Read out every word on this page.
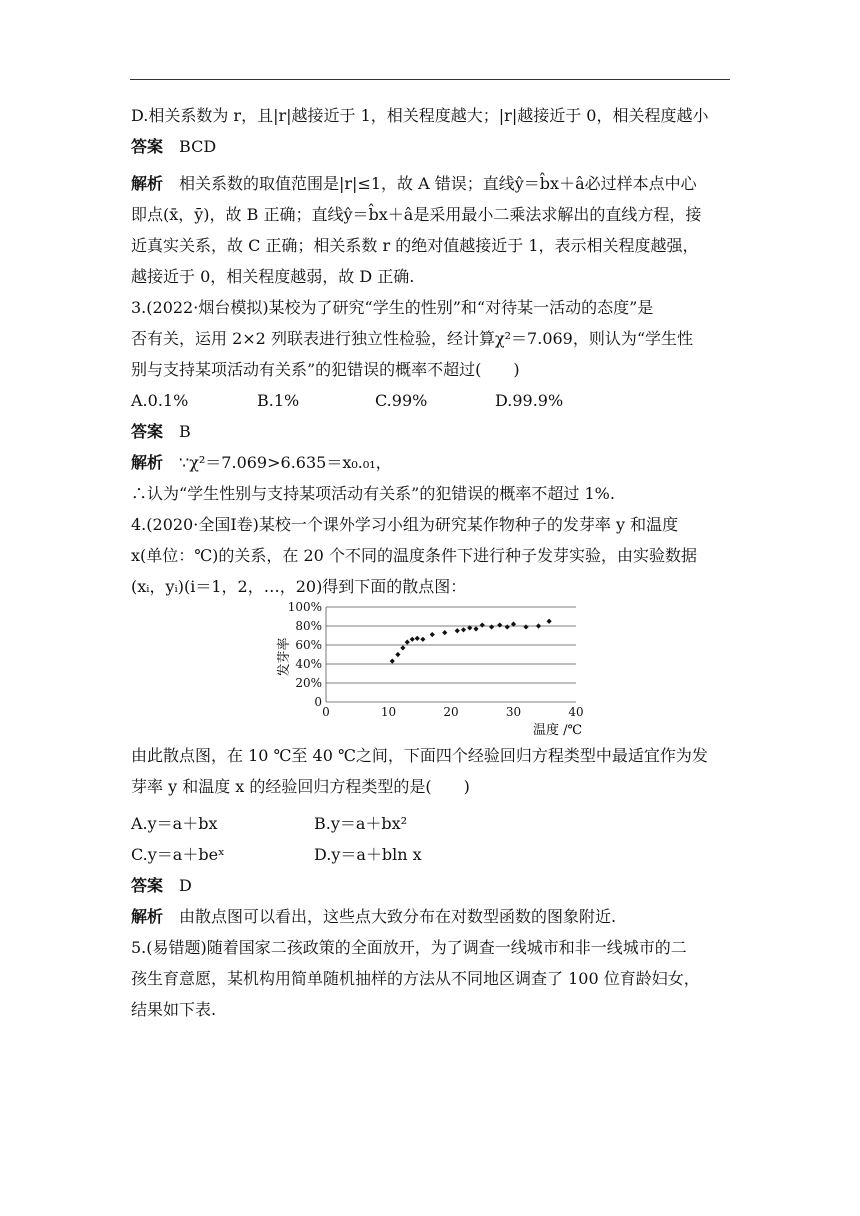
D.相关系数为 r，且|r|越接近于 1，相关程度越大；|r|越接近于 0，相关程度越小

答案 BCD

解析 相关系数的取值范围是|r|≤1，故 A 错误；直线ŷ＝b̂x＋â必过样本点中心

即点(x̄，ȳ)，故 B 正确；直线ŷ＝b̂x＋â是采用最小二乘法求解出的直线方程，接

近真实关系，故 C 正确；相关系数 r 的绝对值越接近于 1，表示相关程度越强，

越接近于 0，相关程度越弱，故 D 正确.

3.(2022·烟台模拟)某校为了研究“学生的性别”和“对待某一活动的态度”是

否有关，运用 2×2 列联表进行独立性检验，经计算χ²＝7.069，则认为“学生性

别与支持某项活动有关系”的犯错误的概率不超过(　　)

A.0.1%	B.1%	C.99%	D.99.9%

答案 B

解析 ∵χ²＝7.069>6.635＝x₀.₀₁，

∴认为“学生性别与支持某项活动有关系”的犯错误的概率不超过 1%.

4.(2020·全国Ⅰ卷)某校一个课外学习小组为研究某作物种子的发芽率 y 和温度

x(单位：℃)的关系，在 20 个不同的温度条件下进行种子发芽实验，由实验数据

(xᵢ，yᵢ)(i＝1，2，…，20)得到下面的散点图：

0
20%
40%
60%
80%
100%
0	10	20	30	40
发芽率
温度 /℃

由此散点图，在 10 ℃至 40 ℃之间，下面四个经验回归方程类型中最适宜作为发

芽率 y 和温度 x 的经验回归方程类型的是(　　)

A.y＝a＋bx	B.y＝a＋bx²
C.y＝a＋beˣ	D.y＝a＋bln x

答案 D

解析 由散点图可以看出，这些点大致分布在对数型函数的图象附近.

5.(易错题)随着国家二孩政策的全面放开，为了调查一线城市和非一线城市的二

孩生育意愿，某机构用简单随机抽样的方法从不同地区调查了 100 位育龄妇女，

结果如下表.
